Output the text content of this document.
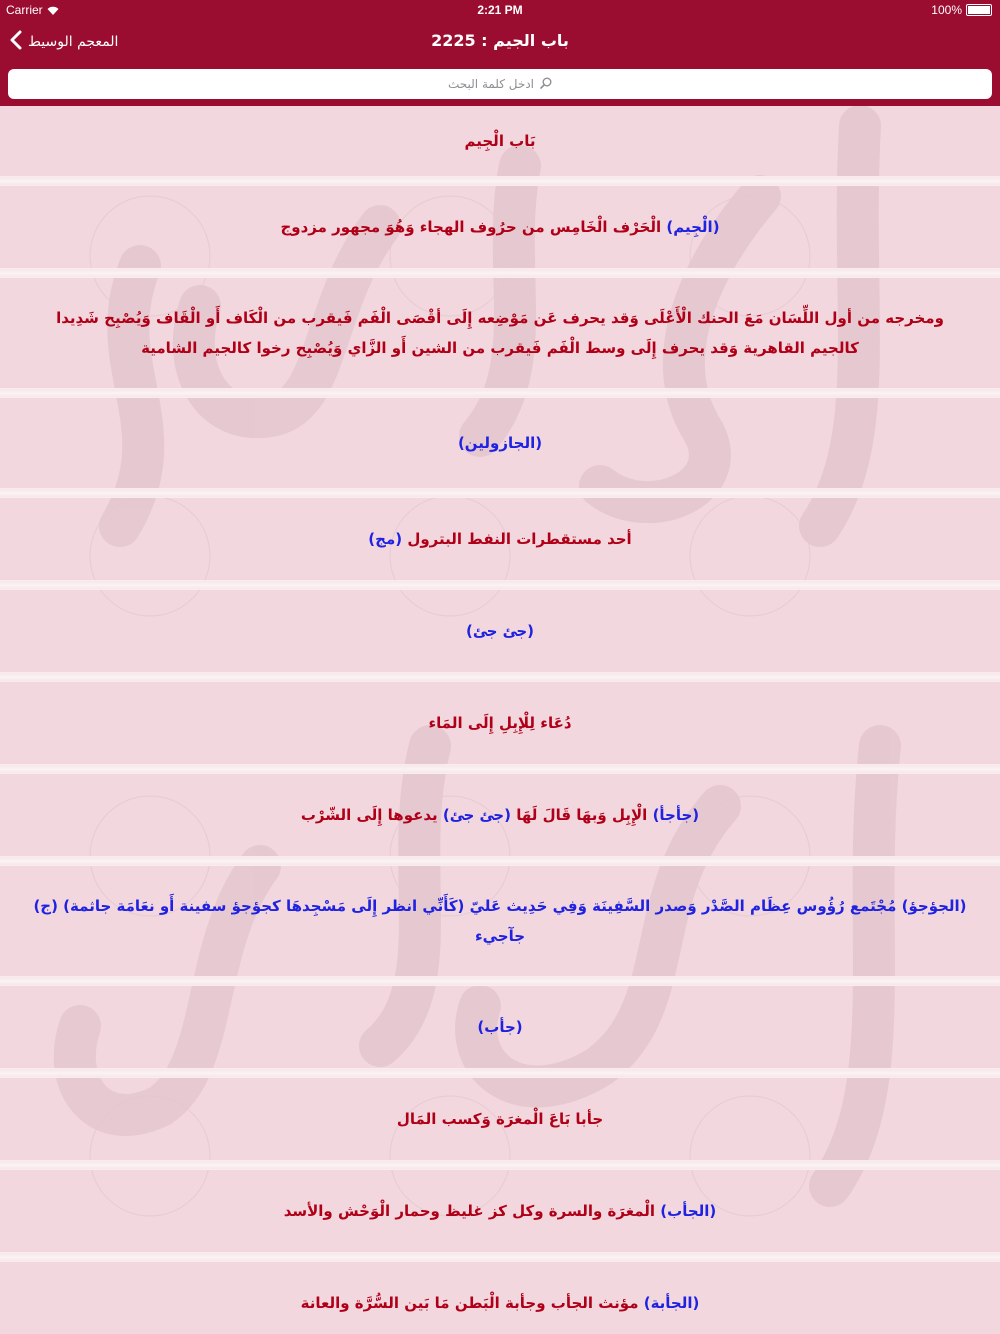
Carrier	2:21 PM	100%
المعجم الوسيط	2225 : باب الجيم
ادخل كلمة البحث
بَاب الْجِيم
(الْجِيم) الْحَرْف الْخَامِس من حرُوف الهجاء وَهُوَ مجهور مزدوج
ومخرجه من أول اللِّسَان مَعَ الحنك الْأَعْلَى وَقد يحرف عَن مَوْضِعه إِلَى أقْصَى الْفَم فَيقرب من الْكَاف أَو الْقَاف وَيُصْبِح شَدِيدا كالجيم القاهرية وَقد يحرف إِلَى وسط الْفَم فَيقرب من الشين أَو الزَّاي وَيُصْبِح رخوا كالجيم الشامية
(الجازولين)
أحد مستقطرات النفط البترول (مج)
(جئ جئ)
دُعَاء لِلْإِبِلِ إِلَى المَاء
(جأجأ) الْإِبِل وَبهَا قَالَ لَهَا (جئ جئ) يدعوها إِلَى الشّرْب
(الجؤجؤ) مُجْتَمع رُؤُوس عِظَام الصَّدْر وَصدر السَّفِينَة وَفِي حَدِيث عَليّ (كَأَنِّي انظر إِلَى مَسْجِدهَا كجؤجؤ سفينة أَو نعَامَة جاثمة) (ج) جآجيء
(جأب)
جأبا بَاعَ الْمغرَة وَكسب المَال
(الجأب) الْمغرَة والسرة وكل كز غليظ وحمار الْوَحْش والأسد
(الجأبة) مؤنث الجأب وجأبة الْبَطن مَا بَين السُّرَّة والعانة
